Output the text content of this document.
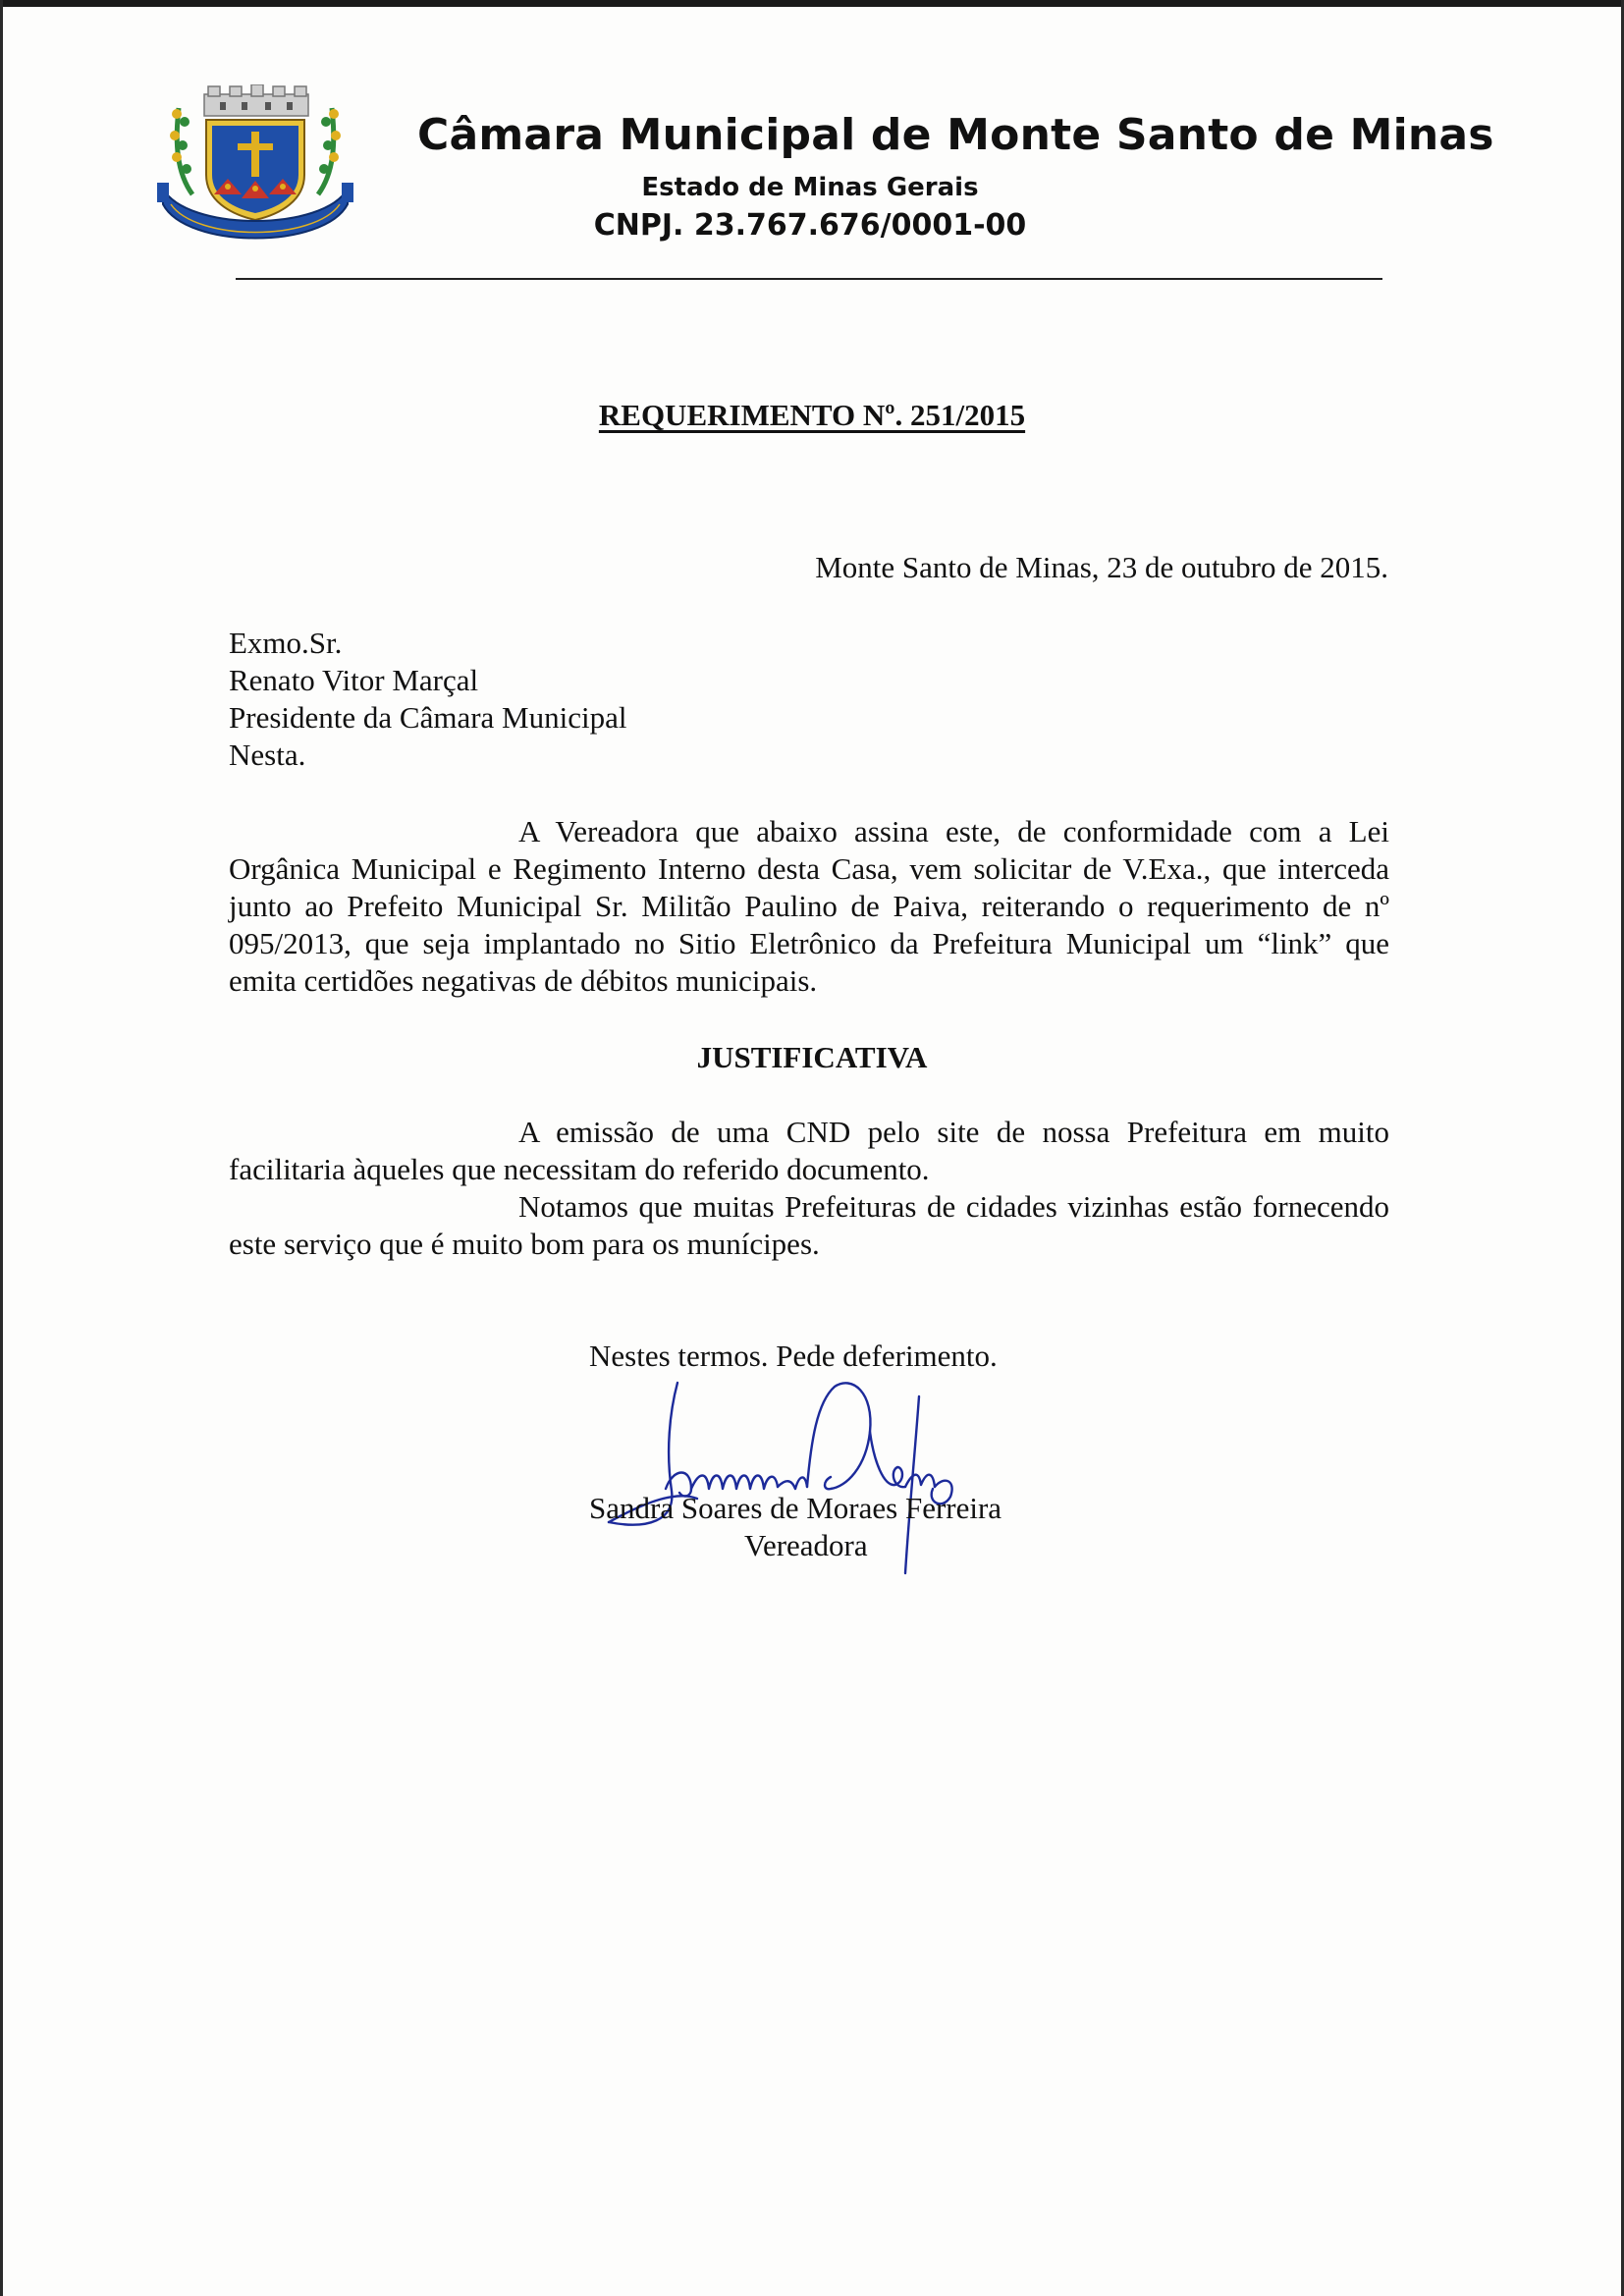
Câmara Municipal de Monte Santo de Minas
Estado de Minas Gerais
CNPJ. 23.767.676/0001-00
REQUERIMENTO Nº. 251/2015
Monte Santo de Minas, 23 de outubro de 2015.
Exmo.Sr.
Renato Vitor Marçal
Presidente da Câmara Municipal
Nesta.
A Vereadora que abaixo assina este, de conformidade com a Lei Orgânica Municipal e Regimento Interno desta Casa, vem solicitar de V.Exa., que interceda junto ao Prefeito Municipal Sr. Militão Paulino de Paiva, reiterando o requerimento de nº 095/2013, que seja implantado no Sitio Eletrônico da Prefeitura Municipal um “link” que emita certidões negativas de débitos municipais.
JUSTIFICATIVA
A emissão de uma CND pelo site de nossa Prefeitura em muito facilitaria àqueles que necessitam do referido documento.
Notamos que muitas Prefeituras de cidades vizinhas estão fornecendo este serviço que é muito bom para os munícipes.
Nestes termos. Pede deferimento.
Sandra Soares de Moraes Ferreira
Vereadora
